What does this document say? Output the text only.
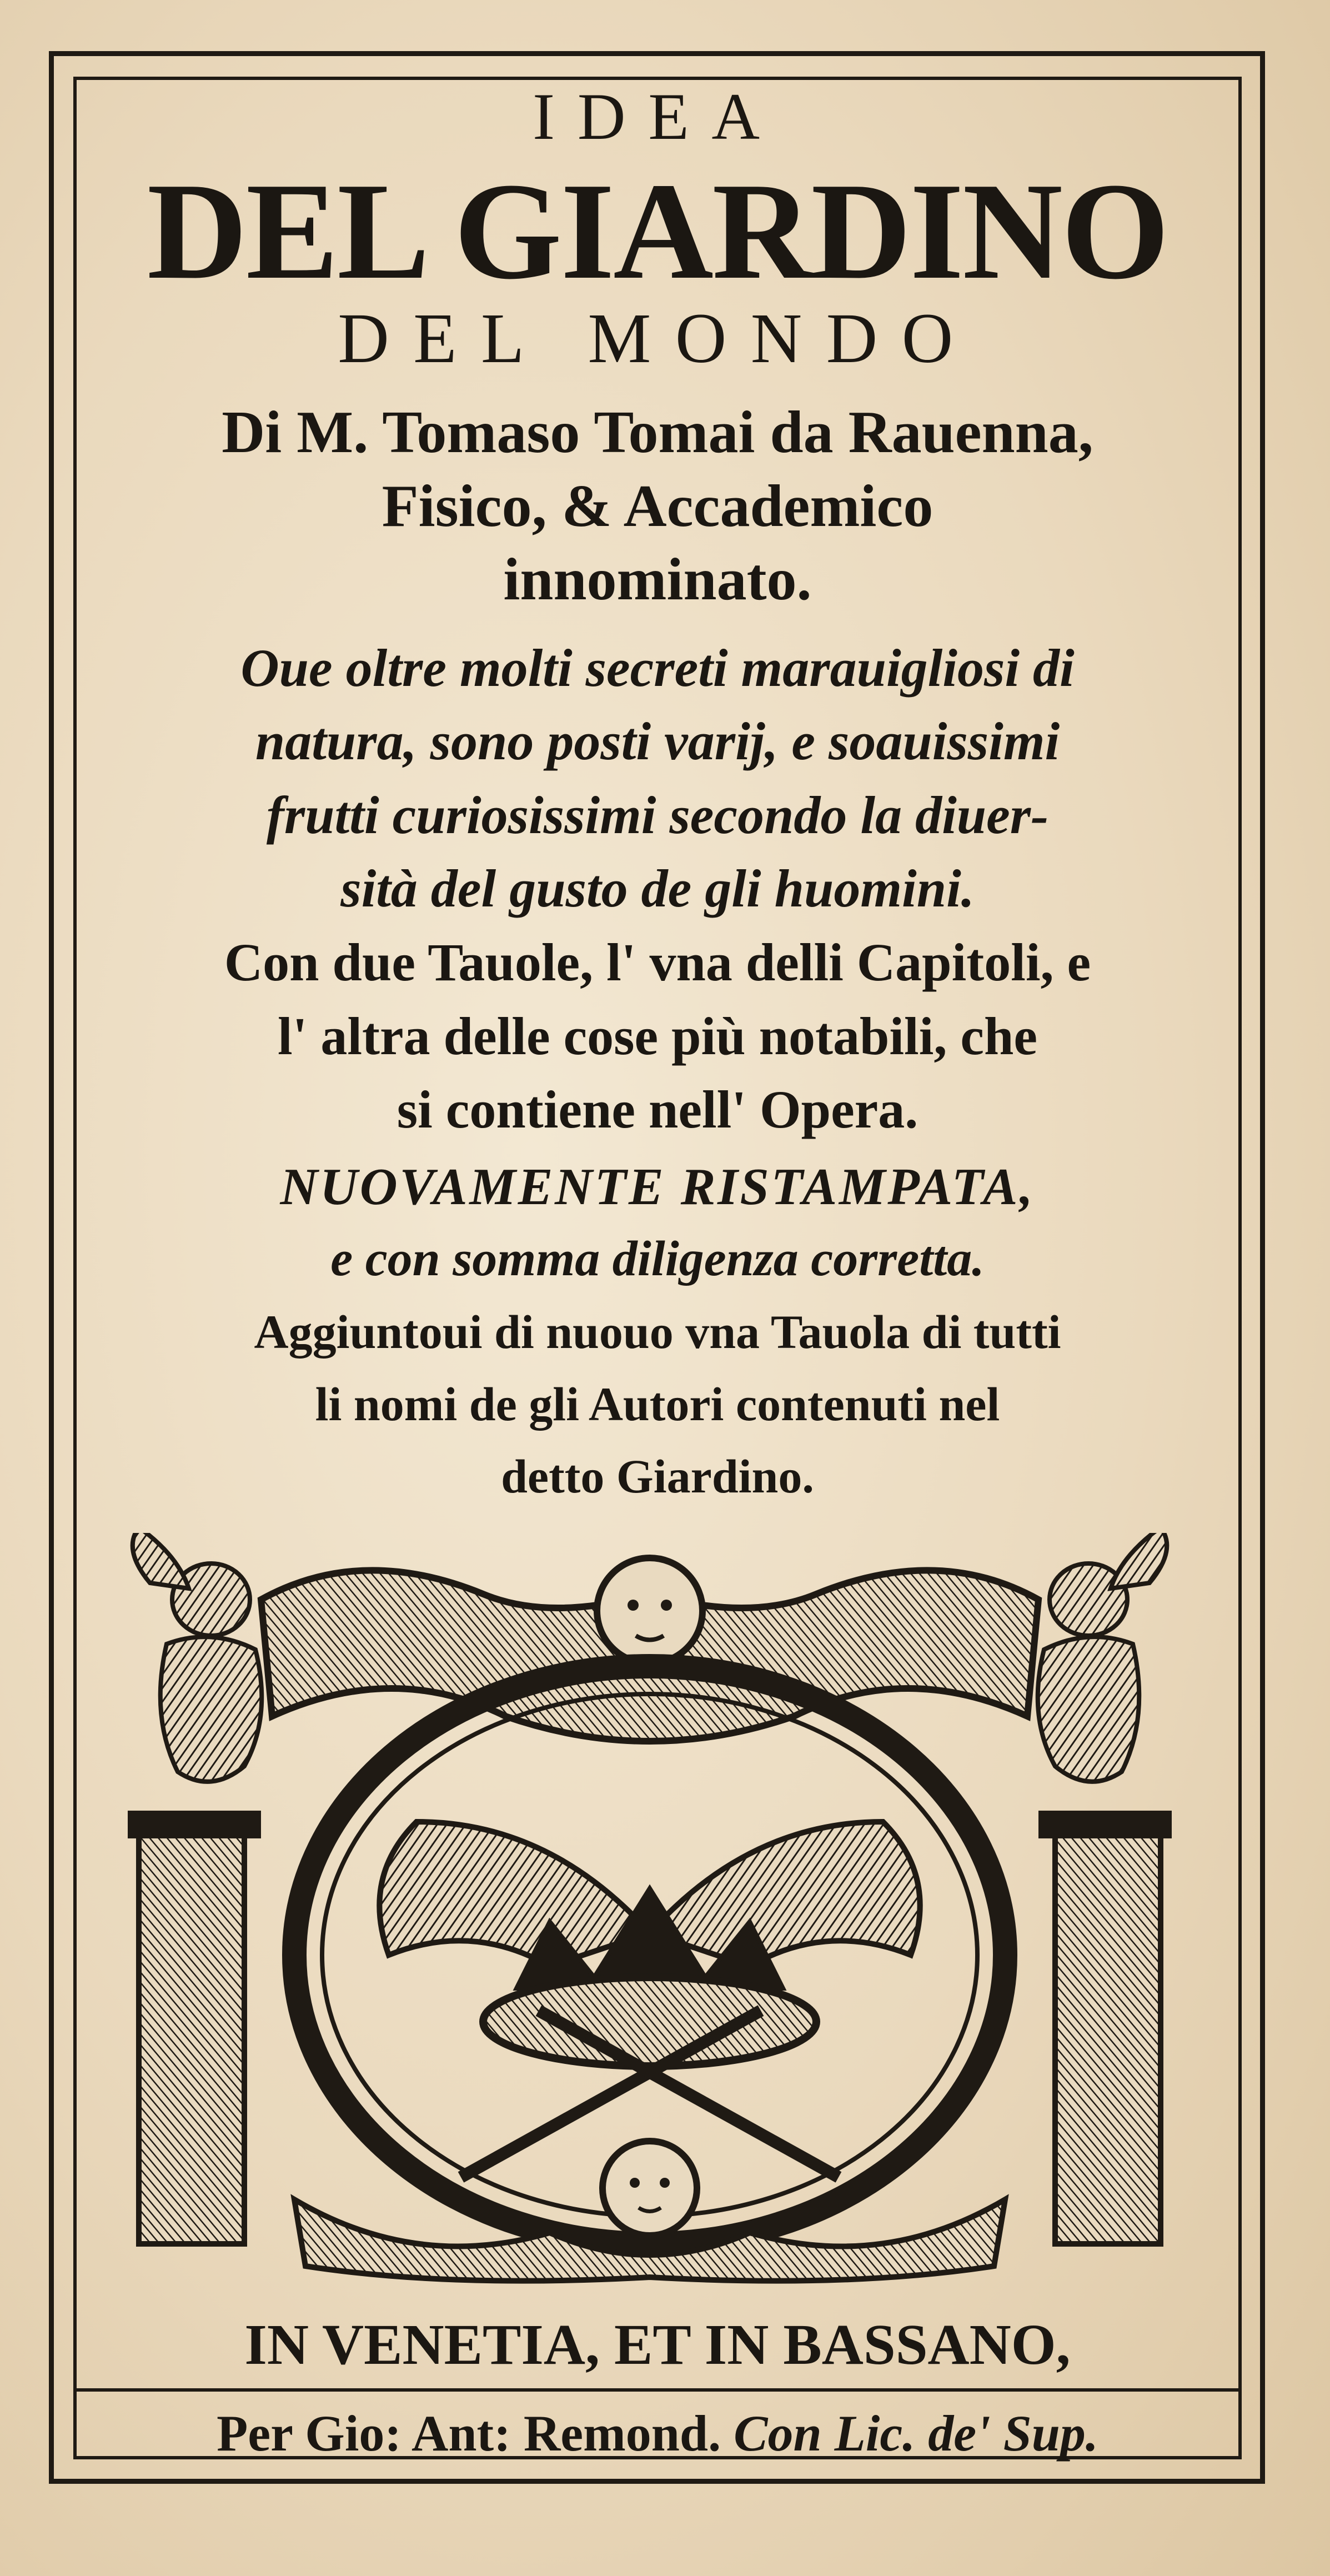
IDEA
DEL GIARDINO
DEL MONDO
Di M. Tomaso Tomai da Rauenna,
Fisico, & Accademico
innominato.
Oue oltre molti secreti marauigliosi di
natura, sono posti varij, e soauissimi
frutti curiosissimi secondo la diuer-
sità del gusto de gli huomini.
Con due Tauole, l' vna delli Capitoli, e
l' altra delle cose più notabili, che
si contiene nell' Opera.
NUOVAMENTE RISTAMPATA,
e con somma diligenza corretta.
Aggiuntoui di nuouo vna Tauola di tutti
li nomi de gli Autori contenuti nel
detto Giardino.
IN VENETIA, ET IN BASSANO,
Per Gio: Ant: Remond. Con Lic. de' Sup.
